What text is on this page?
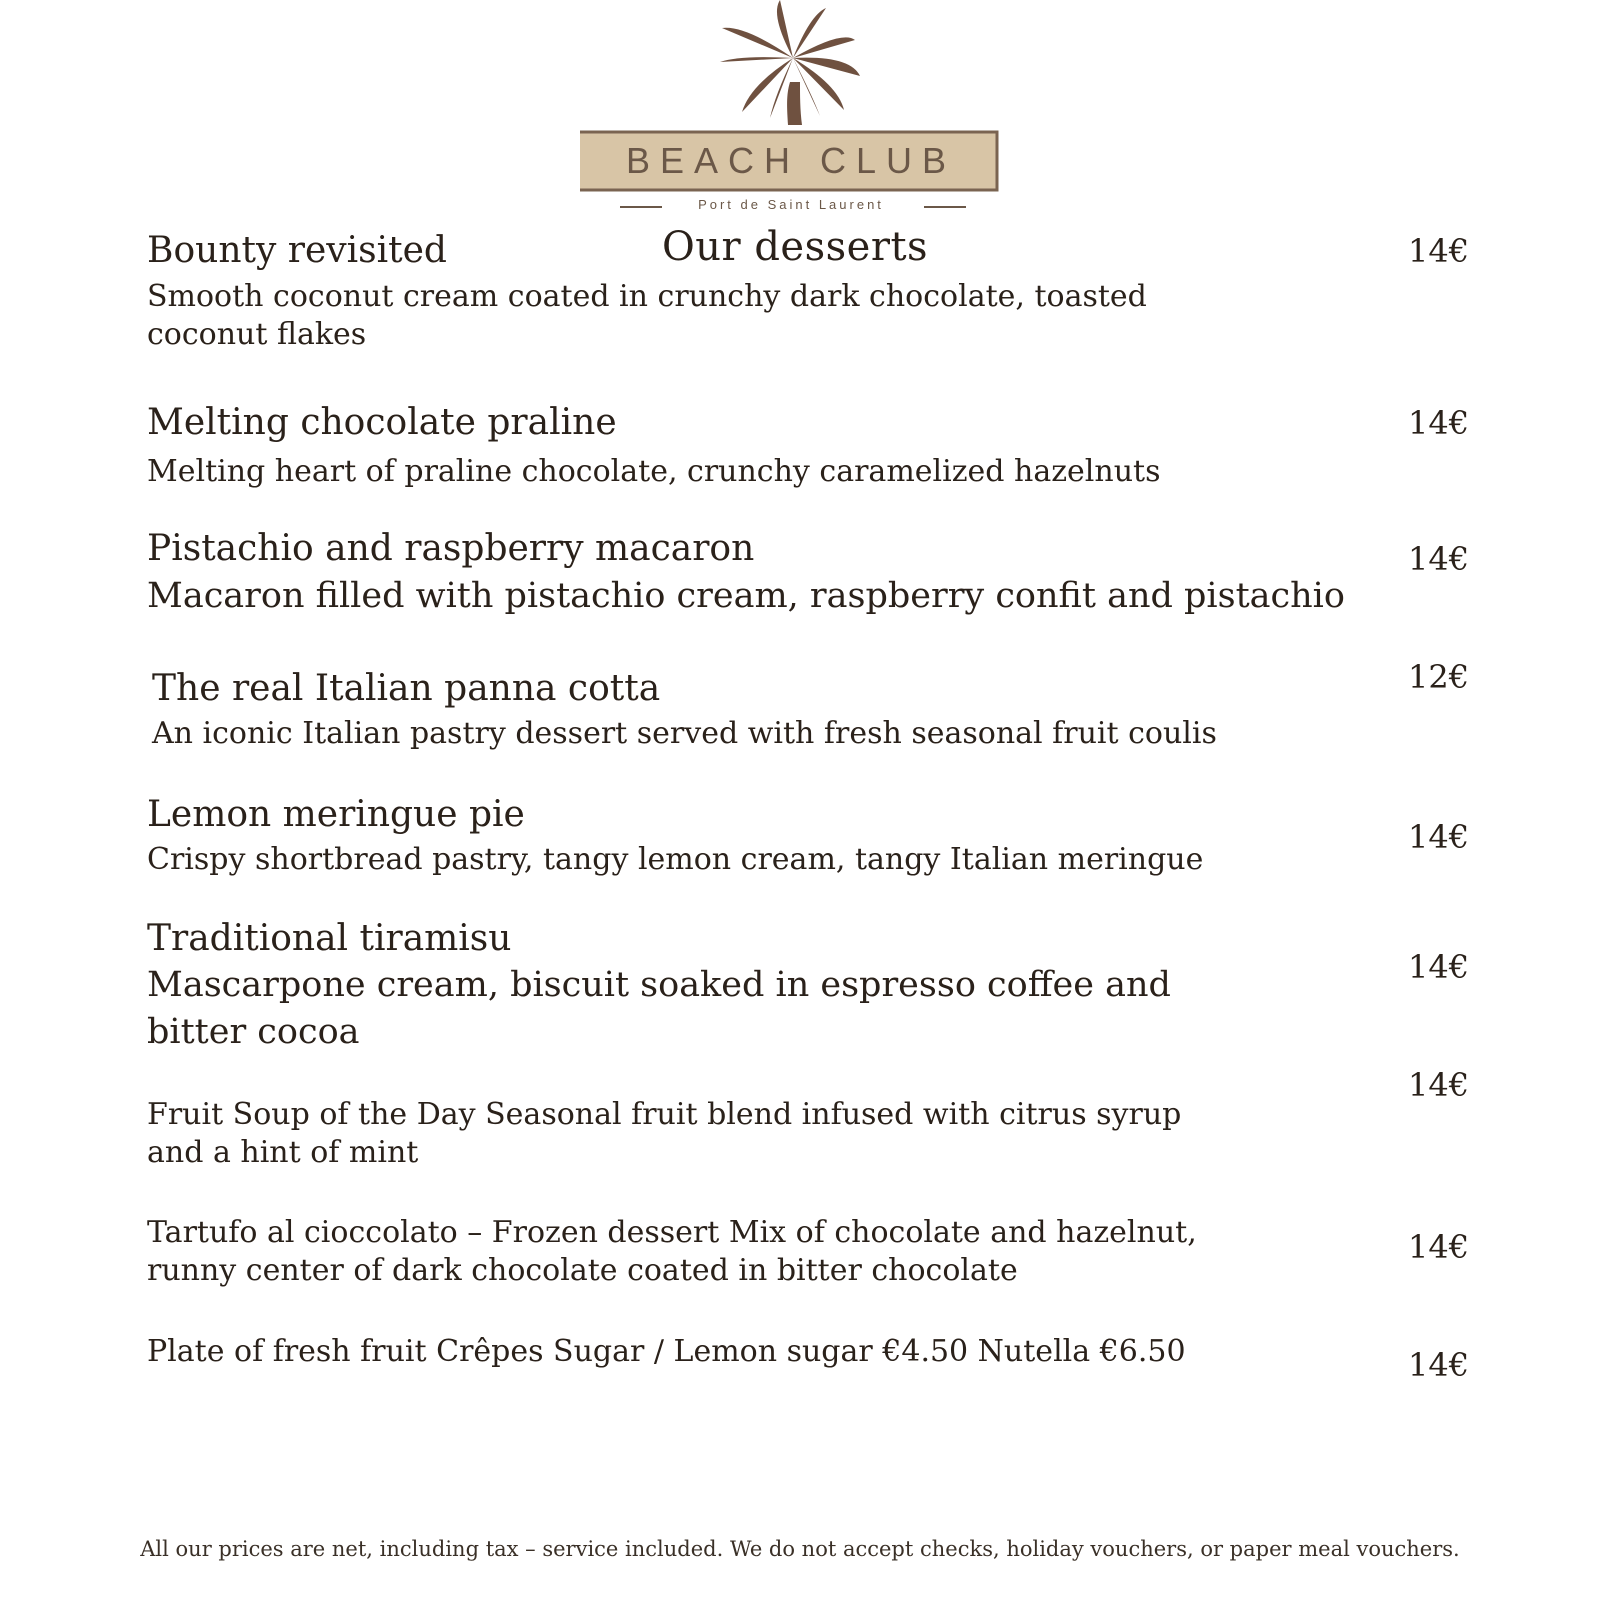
BEACH CLUB
Port de Saint Laurent
Our desserts
Bounty revisited
Smooth coconut cream coated in crunchy dark chocolate, toasted coconut flakes
14€
Melting chocolate praline
Melting heart of praline chocolate, crunchy caramelized hazelnuts
14€
Pistachio and raspberry macaron
Macaron filled with pistachio cream, raspberry confit and pistachio
14€
The real Italian panna cotta
An iconic Italian pastry dessert served with fresh seasonal fruit coulis
12€
Lemon meringue pie
Crispy shortbread pastry, tangy lemon cream, tangy Italian meringue
14€
Traditional tiramisu
Mascarpone cream, biscuit soaked in espresso coffee and bitter cocoa
14€
Fruit Soup of the Day Seasonal fruit blend infused with citrus syrup and a hint of mint
14€
Tartufo al cioccolato – Frozen dessert Mix of chocolate and hazelnut, runny center of dark chocolate coated in bitter chocolate
14€
Plate of fresh fruit Crêpes Sugar / Lemon sugar €4.50 Nutella €6.50	14€
All our prices are net, including tax – service included. We do not accept checks, holiday vouchers, or paper meal vouchers.
